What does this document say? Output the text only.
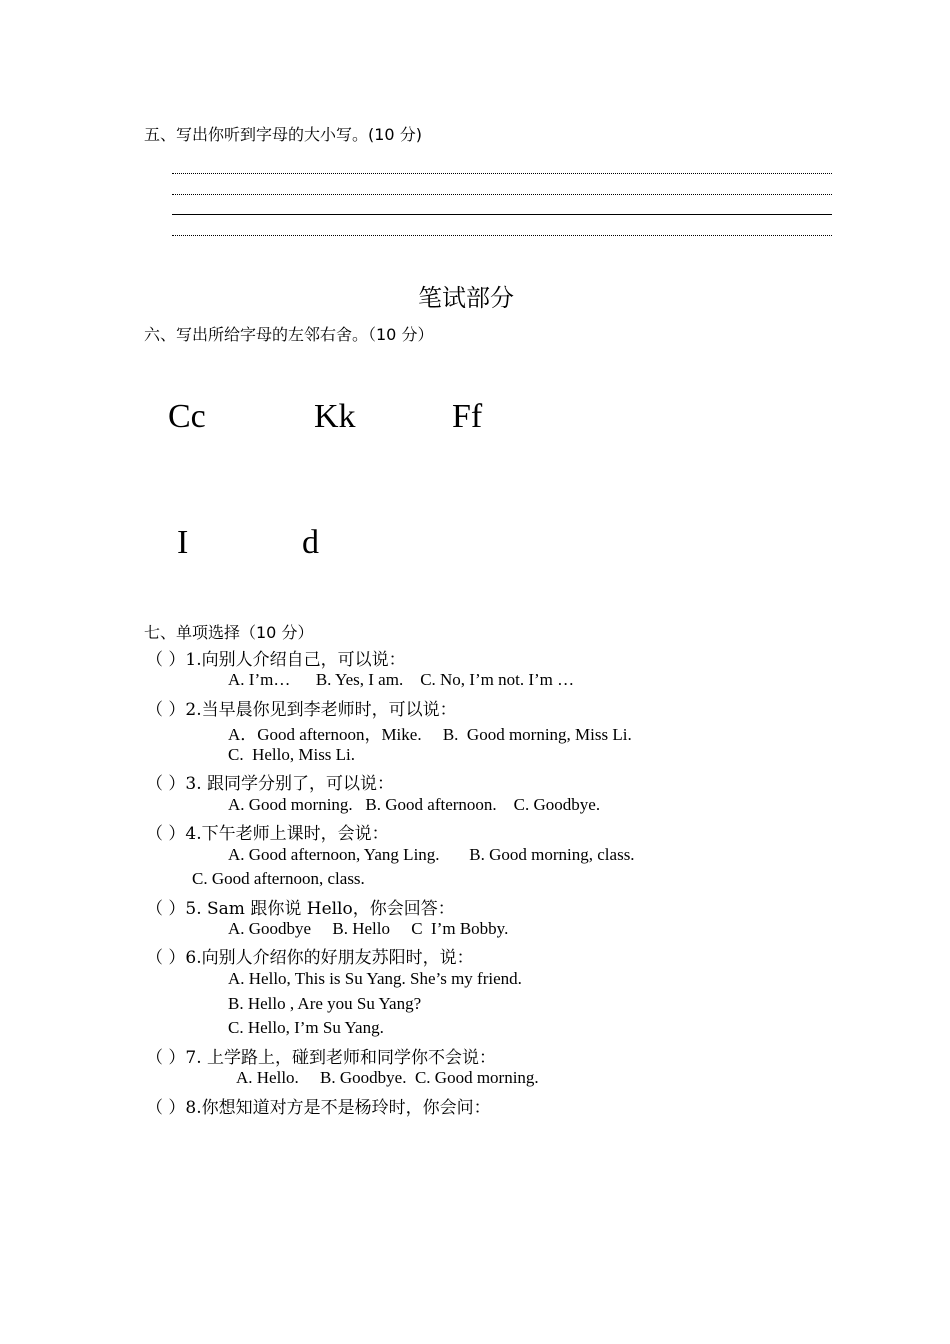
五、写出你听到字母的大小写。(10 分)
笔试部分
六、写出所给字母的左邻右舍。（10 分）
Cc	Kk	Ff
I	d
七、单项选择（10 分）
（ ）1.向别人介绍自己，可以说：
A. I’m…      B. Yes, I am.    C. No, I’m not. I’m …
（ ）2.当早晨你见到李老师时，可以说：
A．Good afternoon，Mike.     B.  Good morning, Miss Li.
C.  Hello, Miss Li.
（ ）3. 跟同学分别了，可以说：
A. Good morning.   B. Good afternoon.    C. Goodbye.
（ ）4.下午老师上课时，会说：
A. Good afternoon, Yang Ling.       B. Good morning, class.
C. Good afternoon, class.
（ ）5. Sam 跟你说 Hello，你会回答：
A. Goodbye     B. Hello     C  I’m Bobby.
（ ）6.向别人介绍你的好朋友苏阳时，说：
A. Hello, This is Su Yang. She’s my friend.
B. Hello , Are you Su Yang?
C. Hello, I’m Su Yang.
（ ）7. 上学路上，碰到老师和同学你不会说：
A. Hello.     B. Goodbye.  C. Good morning.
（ ）8.你想知道对方是不是杨玲时，你会问：
